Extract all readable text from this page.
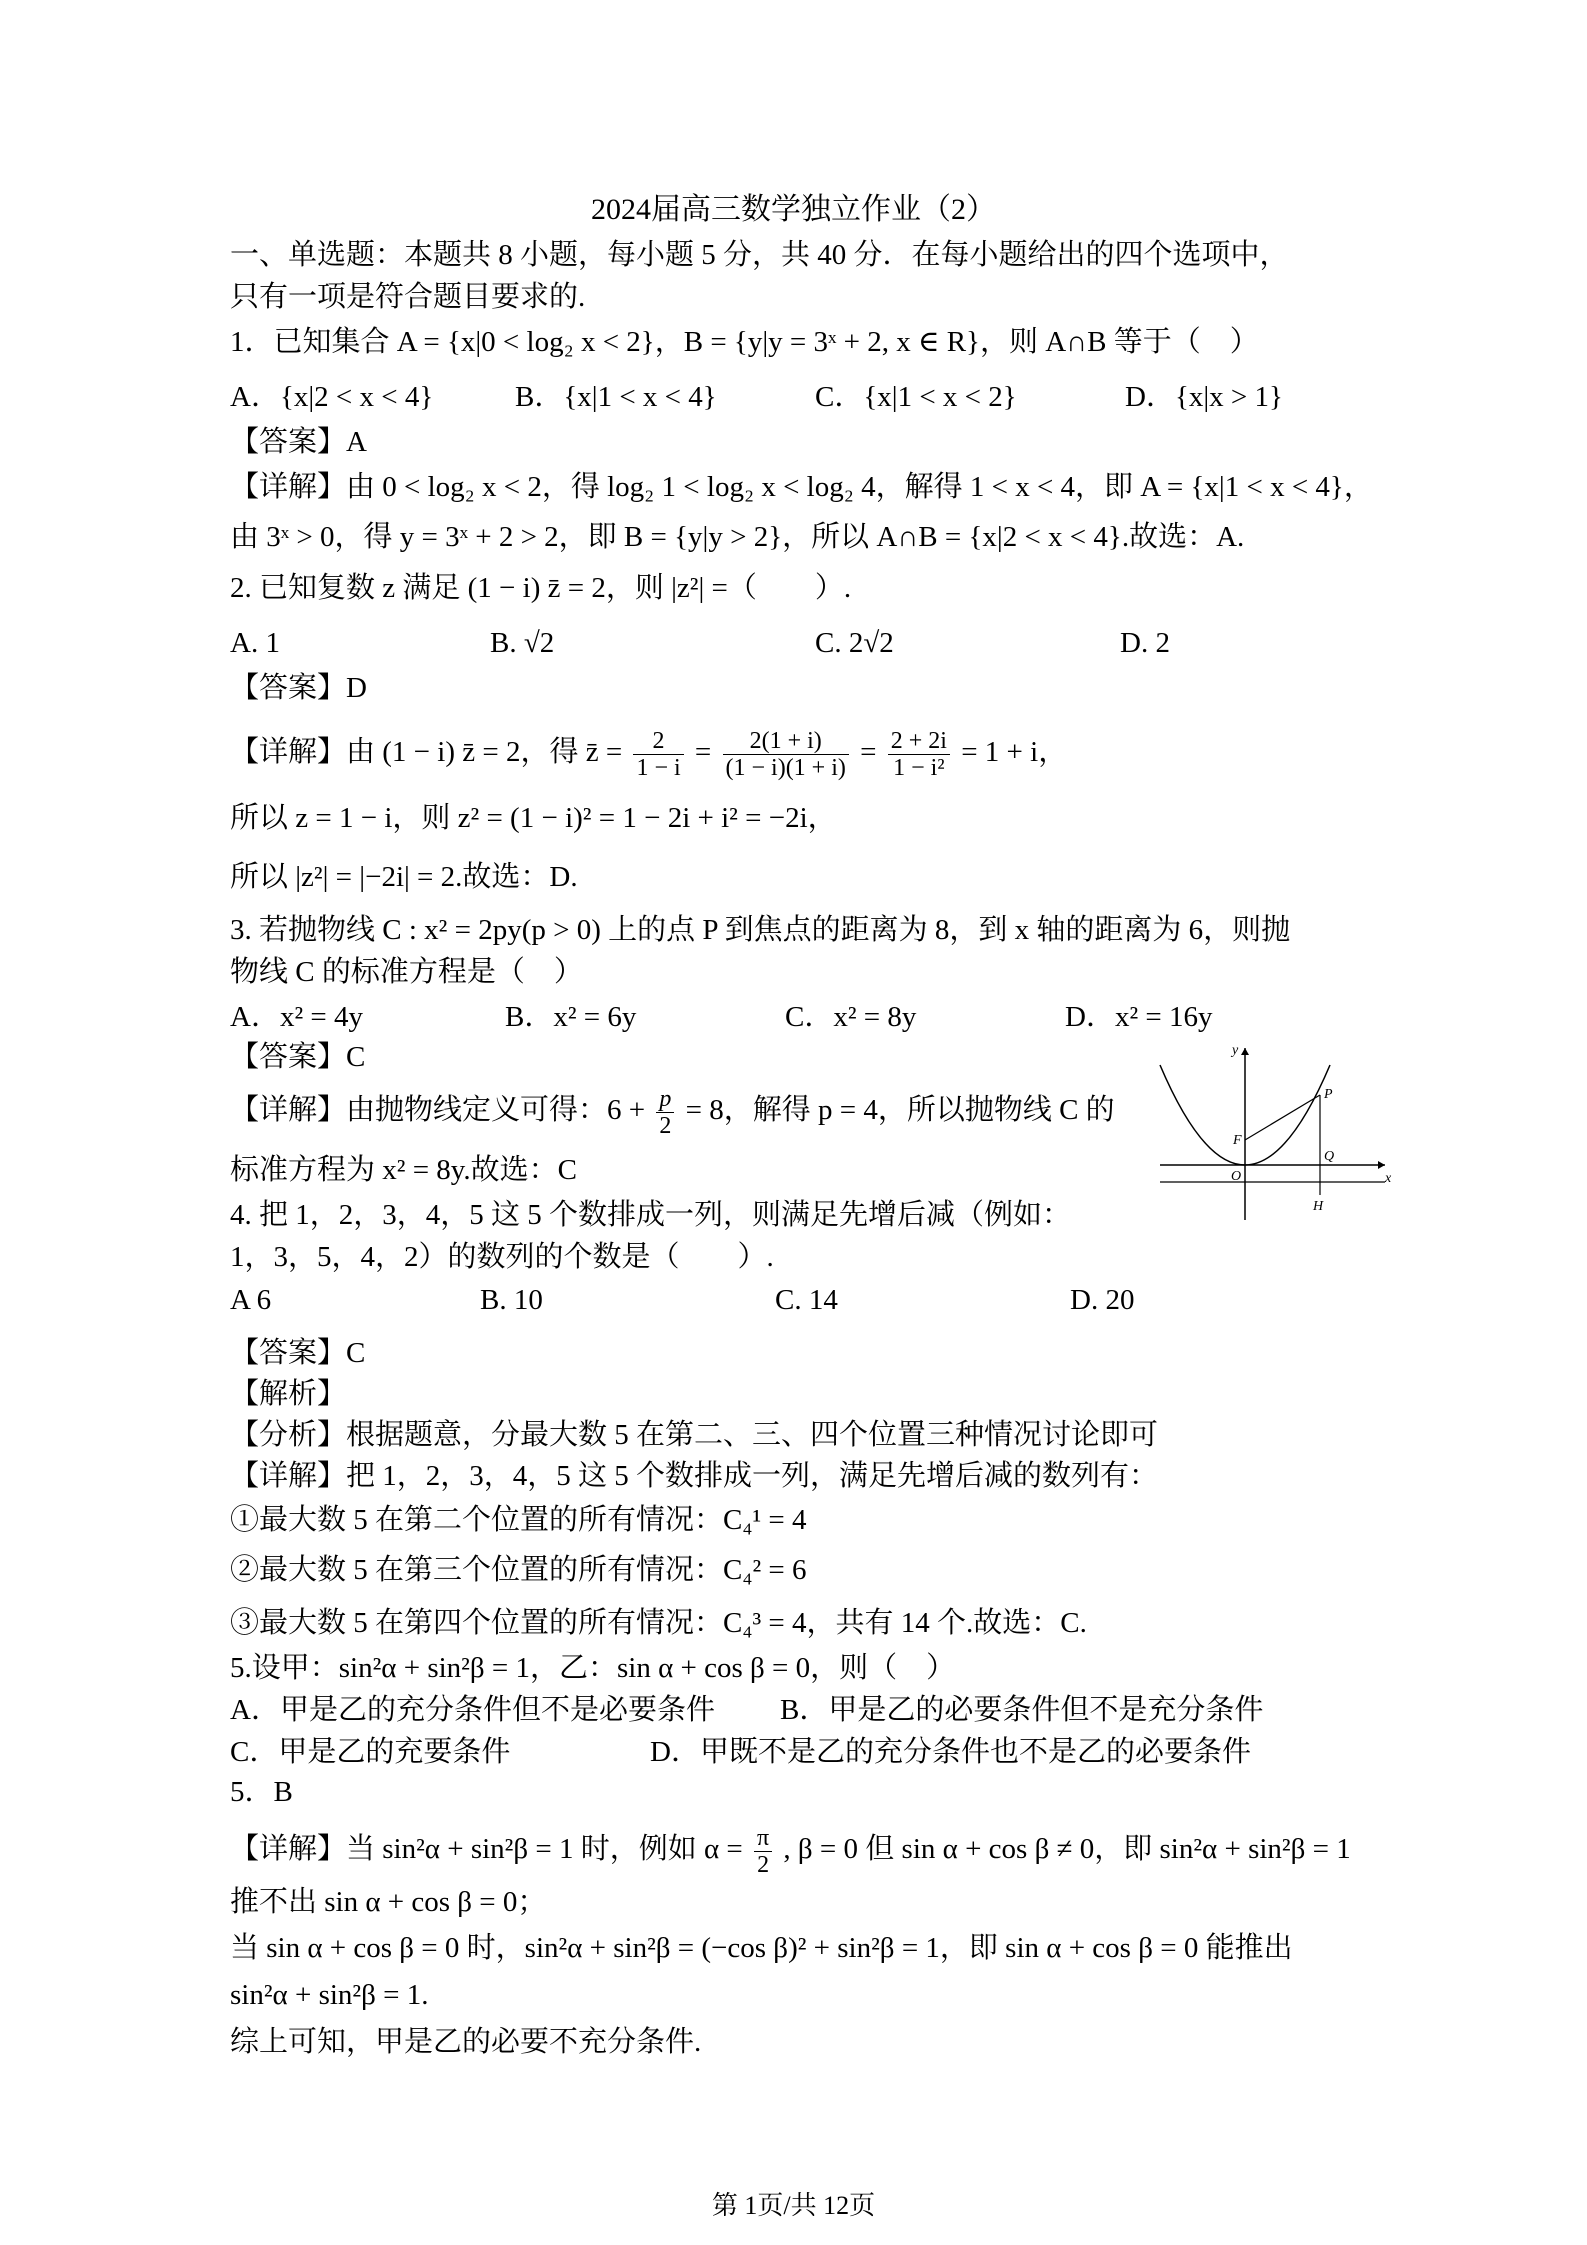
2024届高三数学独立作业（2）
一、单选题：本题共 8 小题，每小题 5 分，共 40 分．在每小题给出的四个选项中，
只有一项是符合题目要求的.
1．已知集合 A = {x|0 < log₂ x < 2}，B = {y|y = 3ˣ + 2, x ∈ R}，则 A∩B 等于（　）
A．{x|2 < x < 4}	B．{x|1 < x < 4}	C．{x|1 < x < 2}	D．{x|x > 1}
【答案】A
【详解】由 0 < log₂ x < 2，得 log₂ 1 < log₂ x < log₂ 4，解得 1 < x < 4，即 A = {x|1 < x < 4}，
由 3ˣ > 0，得 y = 3ˣ + 2 > 2，即 B = {y|y > 2}，所以 A∩B = {x|2 < x < 4}.故选：A.
2. 已知复数 z 满足 (1 − i) z̄ = 2，则 |z²| =（　　）.
A. 1	B. √2	C. 2√2	D. 2
【答案】D
【详解】由 (1 − i) z̄ = 2，得 z̄ = $\frac{2}{1 - i} = \frac{2(1 + i)}{(1 - i)(1 + i)} = \frac{2 + 2i}{\text{1 − i²}} = 1 + i$，
所以 z = 1 − i，则 z² = (1 − i)² = 1 − 2i + i² = −2i，
所以 |z²| = |−2i| = 2.故选：D.
3. 若抛物线 C : x² = 2py(p > 0) 上的点 P 到焦点的距离为 8，到 x 轴的距离为 6，则抛
物线 C 的标准方程是（　）
A．x² = 4y	B．x² = 6y	C．x² = 8y	D．x² = 16y
【答案】C
【详解】由抛物线定义可得：$6 + \frac{p}{2} = 8$，解得 p = 4，所以抛物线 C 的
标准方程为 x² = 8y.故选：C
y
x
O
F
P
Q
H
4. 把 1，2，3，4，5 这 5 个数排成一列，则满足先增后减（例如：
1，3，5，4，2）的数列的个数是（　　）.
A 6	B. 10	C. 14	D. 20
【答案】C
【解析】
【分析】根据题意，分最大数 5 在第二、三、四个位置三种情况讨论即可
【详解】把 1，2，3，4，5 这 5 个数排成一列，满足先增后减的数列有：
①最大数 5 在第二个位置的所有情况：C₄¹ = 4
②最大数 5 在第三个位置的所有情况：C₄² = 6
③最大数 5 在第四个位置的所有情况：C₄³ = 4，共有 14 个.故选：C.
5.设甲：sin²α + sin²β = 1，乙：sin α + cos β = 0，则（　）
A．甲是乙的充分条件但不是必要条件 B．甲是乙的必要条件但不是充分条件
C．甲是乙的充要条件	D．甲既不是乙的充分条件也不是乙的必要条件
5．B
【详解】当 sin²α + sin²β = 1 时，例如 $\alpha = \frac{\pi}{2}$ , β = 0 但 sin α + cos β ≠ 0，即 sin²α + sin²β = 1
推不出 sin α + cos β = 0；
当 sin α + cos β = 0 时，sin²α + sin²β = (−cos β)² + sin²β = 1，即 sin α + cos β = 0 能推出
sin²α + sin²β = 1.
综上可知，甲是乙的必要不充分条件.
第 1页/共 12页
